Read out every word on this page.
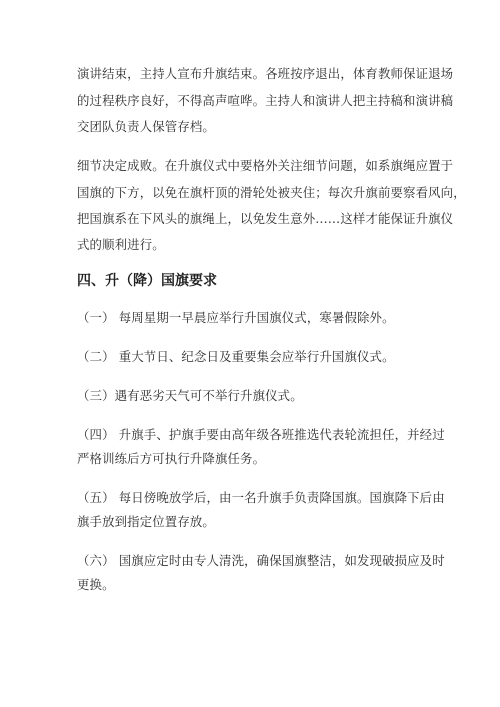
演讲结束，主持人宣布升旗结束。各班按序退出，体育教师保证退场
的过程秩序良好，不得高声喧哗。主持人和演讲人把主持稿和演讲稿
交团队负责人保管存档。
细节决定成败。在升旗仪式中要格外关注细节问题，如系旗绳应置于
国旗的下方，以免在旗杆顶的滑轮处被夹住；每次升旗前要察看风向，
把国旗系在下风头的旗绳上，以免发生意外……这样才能保证升旗仪
式的顺利进行。
四、升（降）国旗要求
（一） 每周星期一早晨应举行升国旗仪式，寒暑假除外。
（二） 重大节日、纪念日及重要集会应举行升国旗仪式。
（三）遇有恶劣天气可不举行升旗仪式。
（四） 升旗手、护旗手要由高年级各班推选代表轮流担任，并经过
严格训练后方可执行升降旗任务。
（五） 每日傍晚放学后，由一名升旗手负责降国旗。国旗降下后由
旗手放到指定位置存放。
（六） 国旗应定时由专人清洗，确保国旗整洁，如发现破损应及时
更换。
